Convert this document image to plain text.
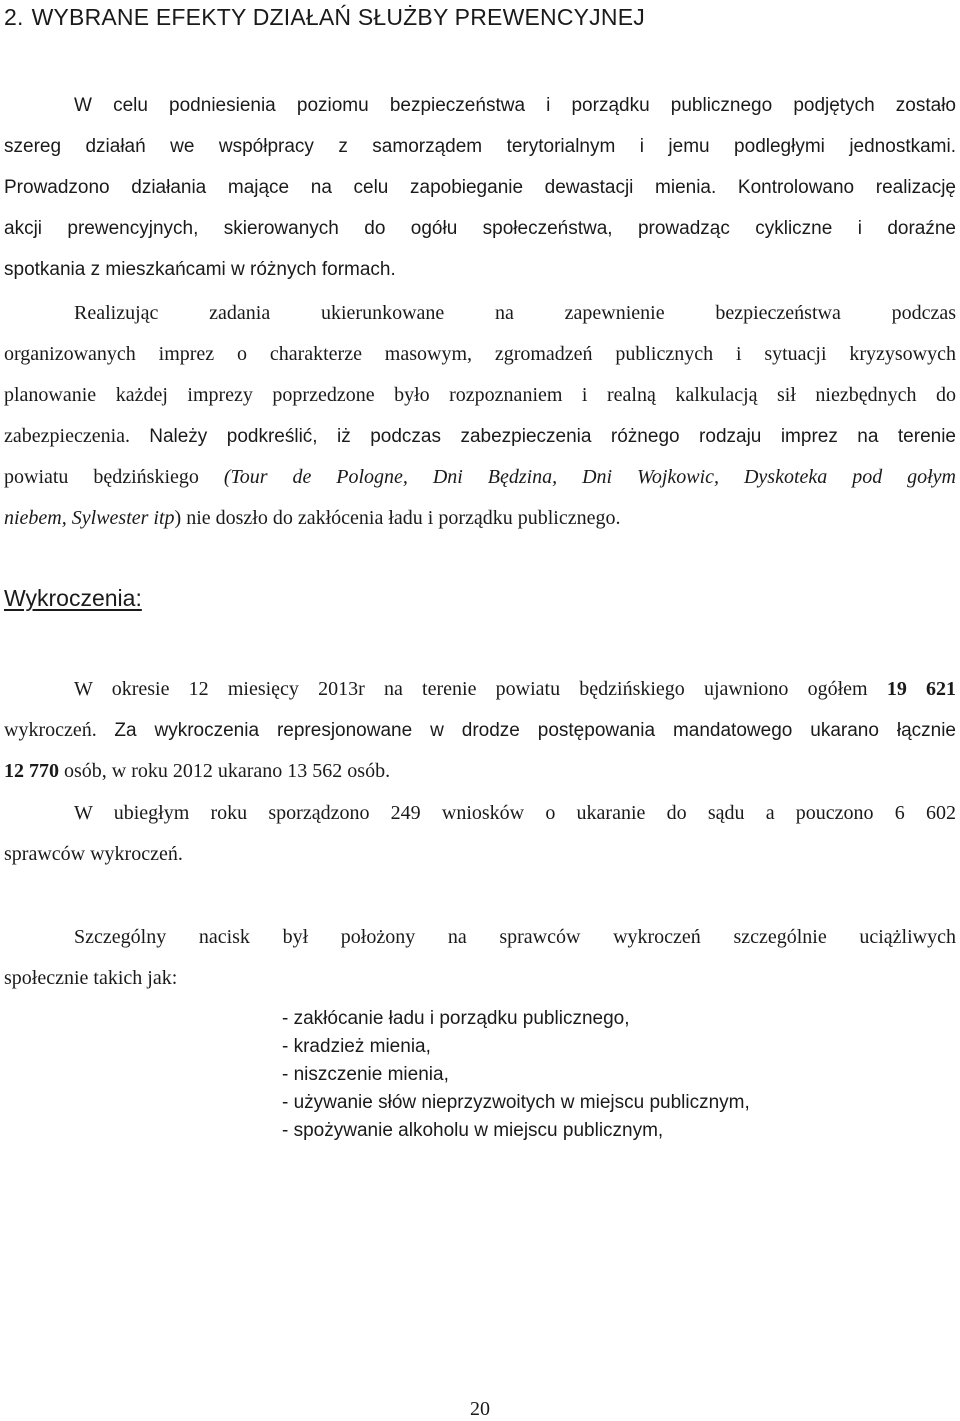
2. WYBRANE EFEKTY DZIAŁAŃ SŁUŻBY PREWENCYJNEJ

W celu podniesienia poziomu bezpieczeństwa i porządku publicznego podjętych zostało
szereg działań we współpracy z samorządem terytorialnym i jemu podległymi jednostkami.
Prowadzono działania mające na celu zapobieganie dewastacji mienia. Kontrolowano realizację
akcji prewencyjnych, skierowanych do ogółu społeczeństwa, prowadząc cykliczne i doraźne
spotkania z mieszkańcami w różnych formach.

Realizując zadania ukierunkowane na zapewnienie bezpieczeństwa podczas
organizowanych imprez o charakterze masowym, zgromadzeń publicznych i sytuacji kryzysowych
planowanie każdej imprezy poprzedzone było rozpoznaniem i realną kalkulacją sił niezbędnych do
zabezpieczenia. Należy podkreślić, iż podczas zabezpieczenia różnego rodzaju imprez na terenie
powiatu będzińskiego (Tour de Pologne, Dni Będzina, Dni Wojkowic, Dyskoteka pod gołym
niebem, Sylwester itp) nie doszło do zakłócenia ładu i porządku publicznego.

Wykroczenia:

W okresie 12 miesięcy 2013r na terenie powiatu będzińskiego ujawniono ogółem 19 621
wykroczeń. Za wykroczenia represjonowane w drodze postępowania mandatowego ukarano łącznie
12 770 osób, w roku 2012 ukarano 13 562 osób.

W ubiegłym roku sporządzono 249 wniosków o ukaranie do sądu a pouczono 6 602
sprawców wykroczeń.

Szczególny nacisk był położony na sprawców wykroczeń szczególnie uciążliwych
społecznie takich jak:

- zakłócanie ładu i porządku publicznego,
- kradzież mienia,
- niszczenie mienia,
- używanie słów nieprzyzwoitych w miejscu publicznym,
- spożywanie alkoholu w miejscu publicznym,
20
